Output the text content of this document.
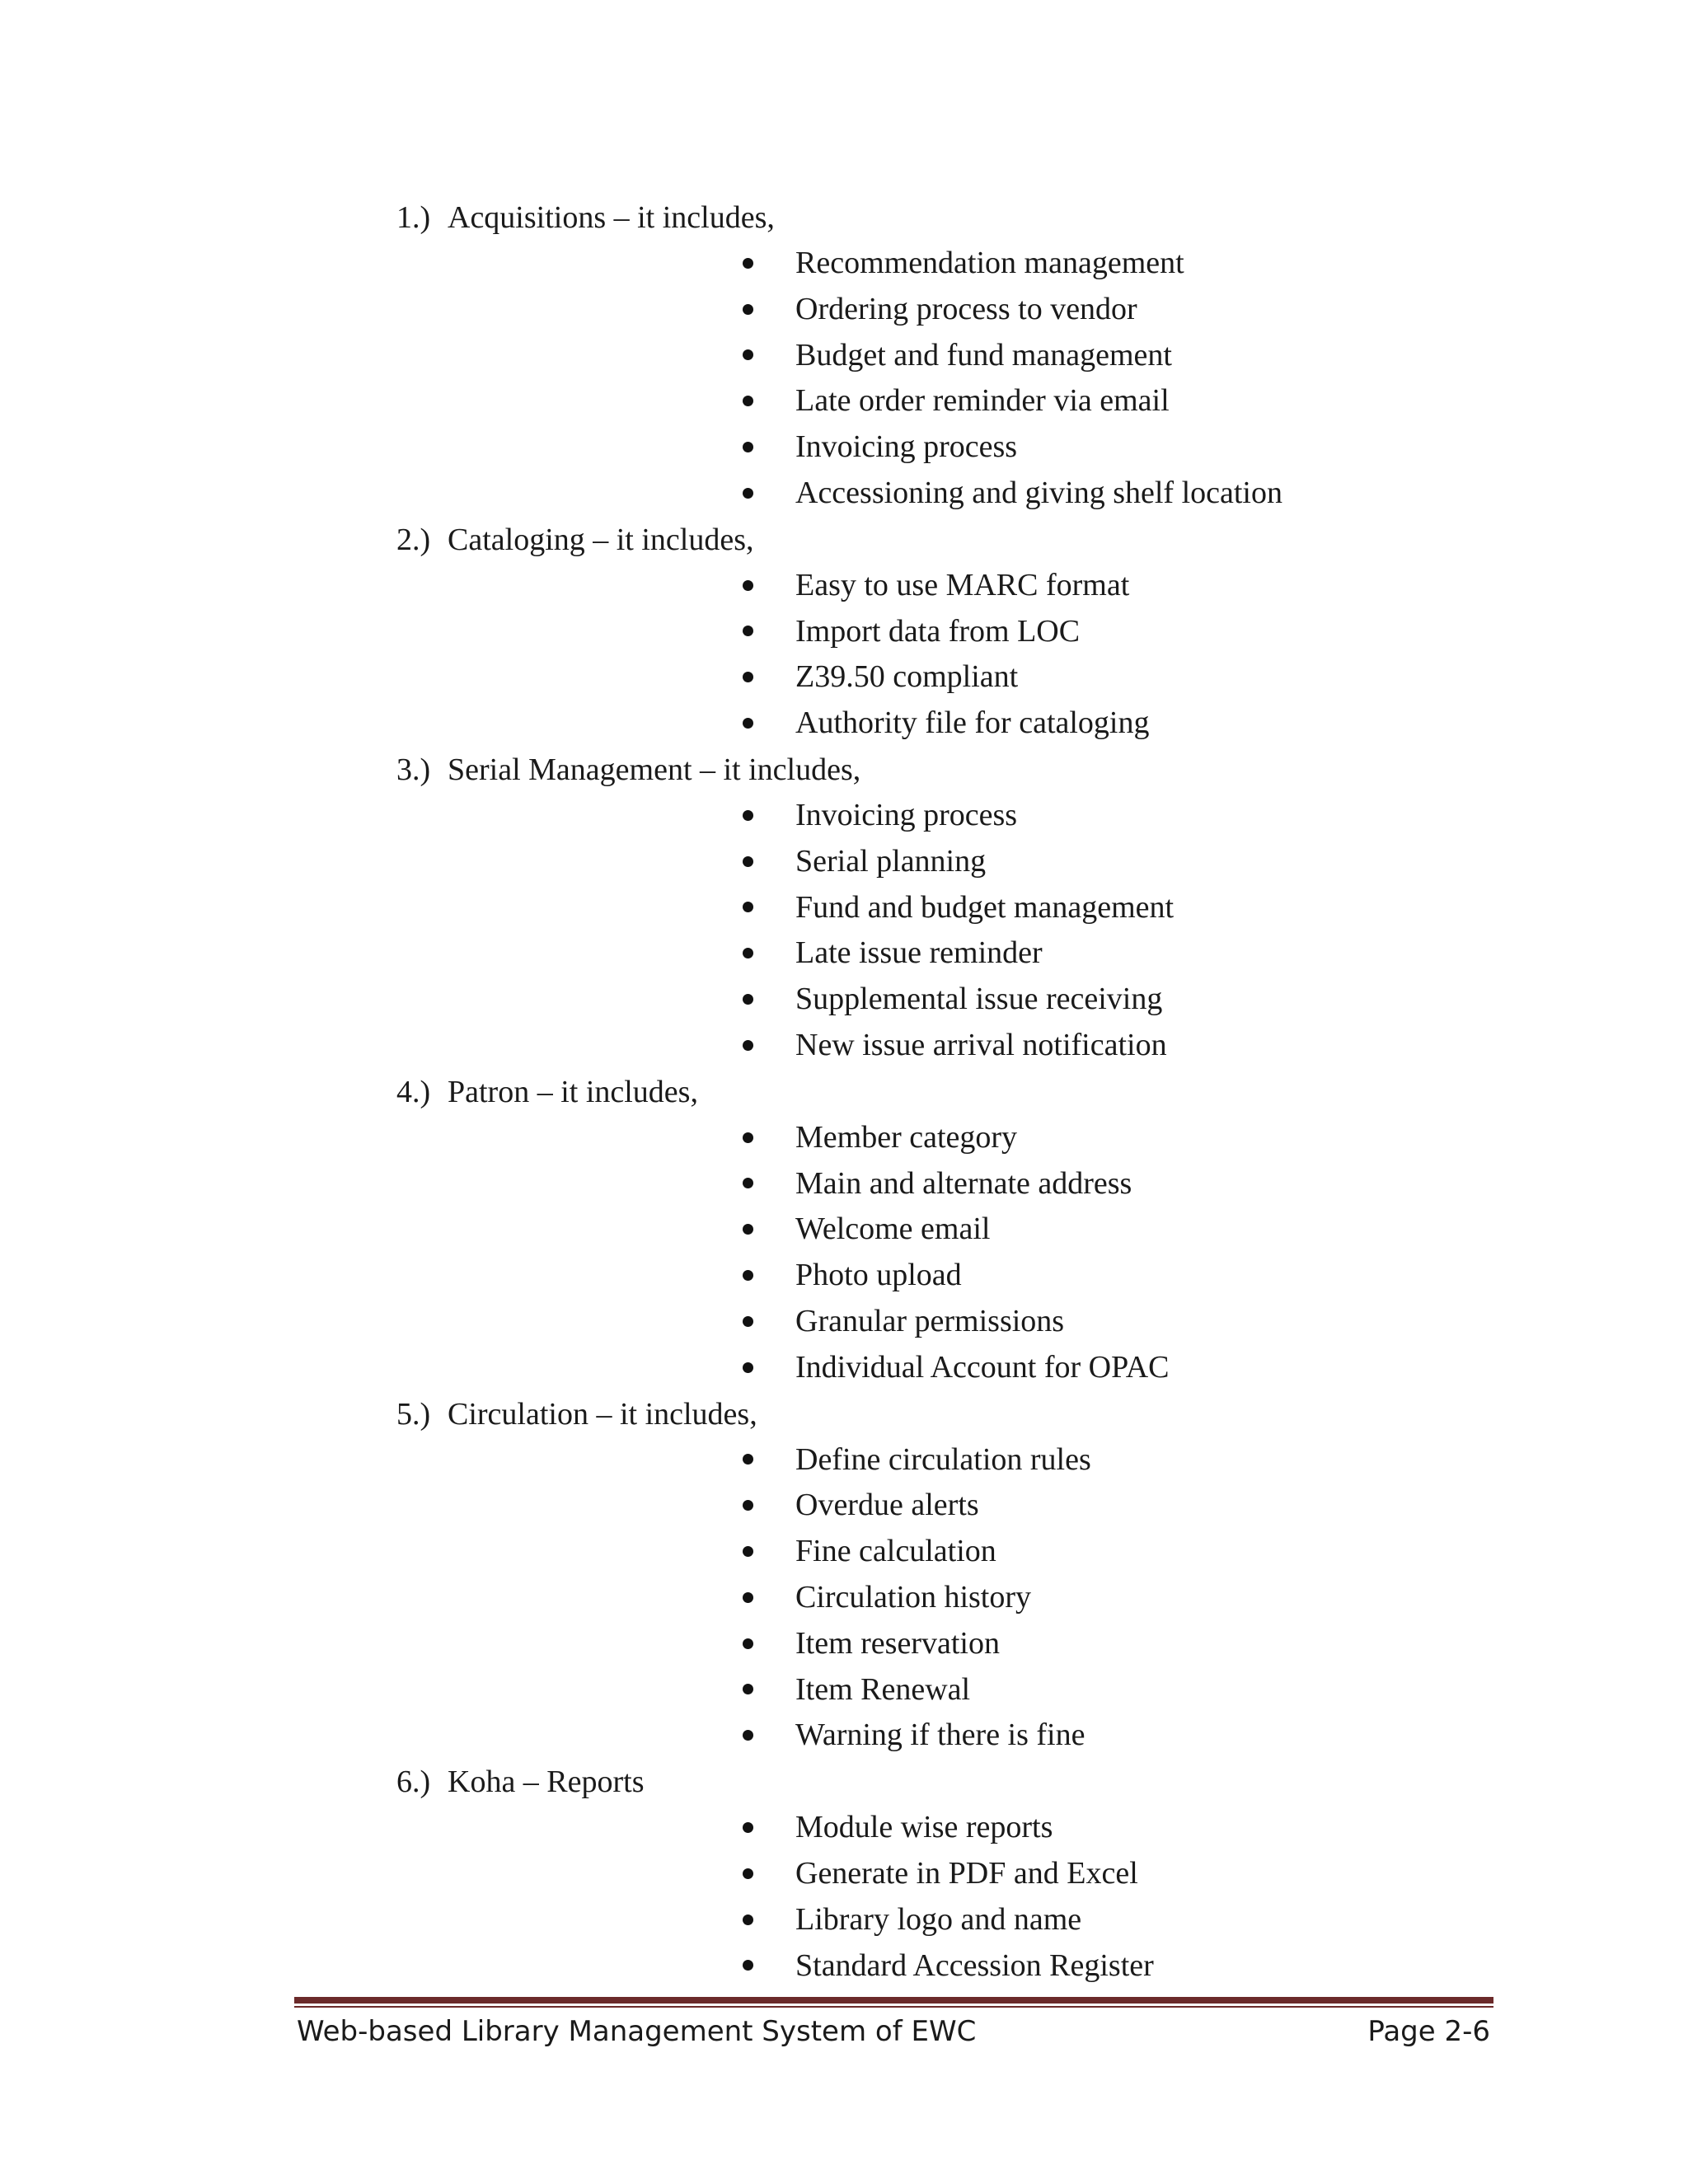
1.) Acquisitions – it includes,
Recommendation management
Ordering process to vendor
Budget and fund management
Late order reminder via email
Invoicing process
Accessioning and giving shelf location
2.) Cataloging – it includes,
Easy to use MARC format
Import data from LOC
Z39.50 compliant
Authority file for cataloging
3.) Serial Management – it includes,
Invoicing process
Serial planning
Fund and budget management
Late issue reminder
Supplemental issue receiving
New issue arrival notification
4.) Patron – it includes,
Member category
Main and alternate address
Welcome email
Photo upload
Granular permissions
Individual Account for OPAC
5.) Circulation – it includes,
Define circulation rules
Overdue alerts
Fine calculation
Circulation history
Item reservation
Item Renewal
Warning if there is fine
6.) Koha – Reports
Module wise reports
Generate in PDF and Excel
Library logo and name
Standard Accession Register
Web-based Library Management System of EWC	Page 2-6
